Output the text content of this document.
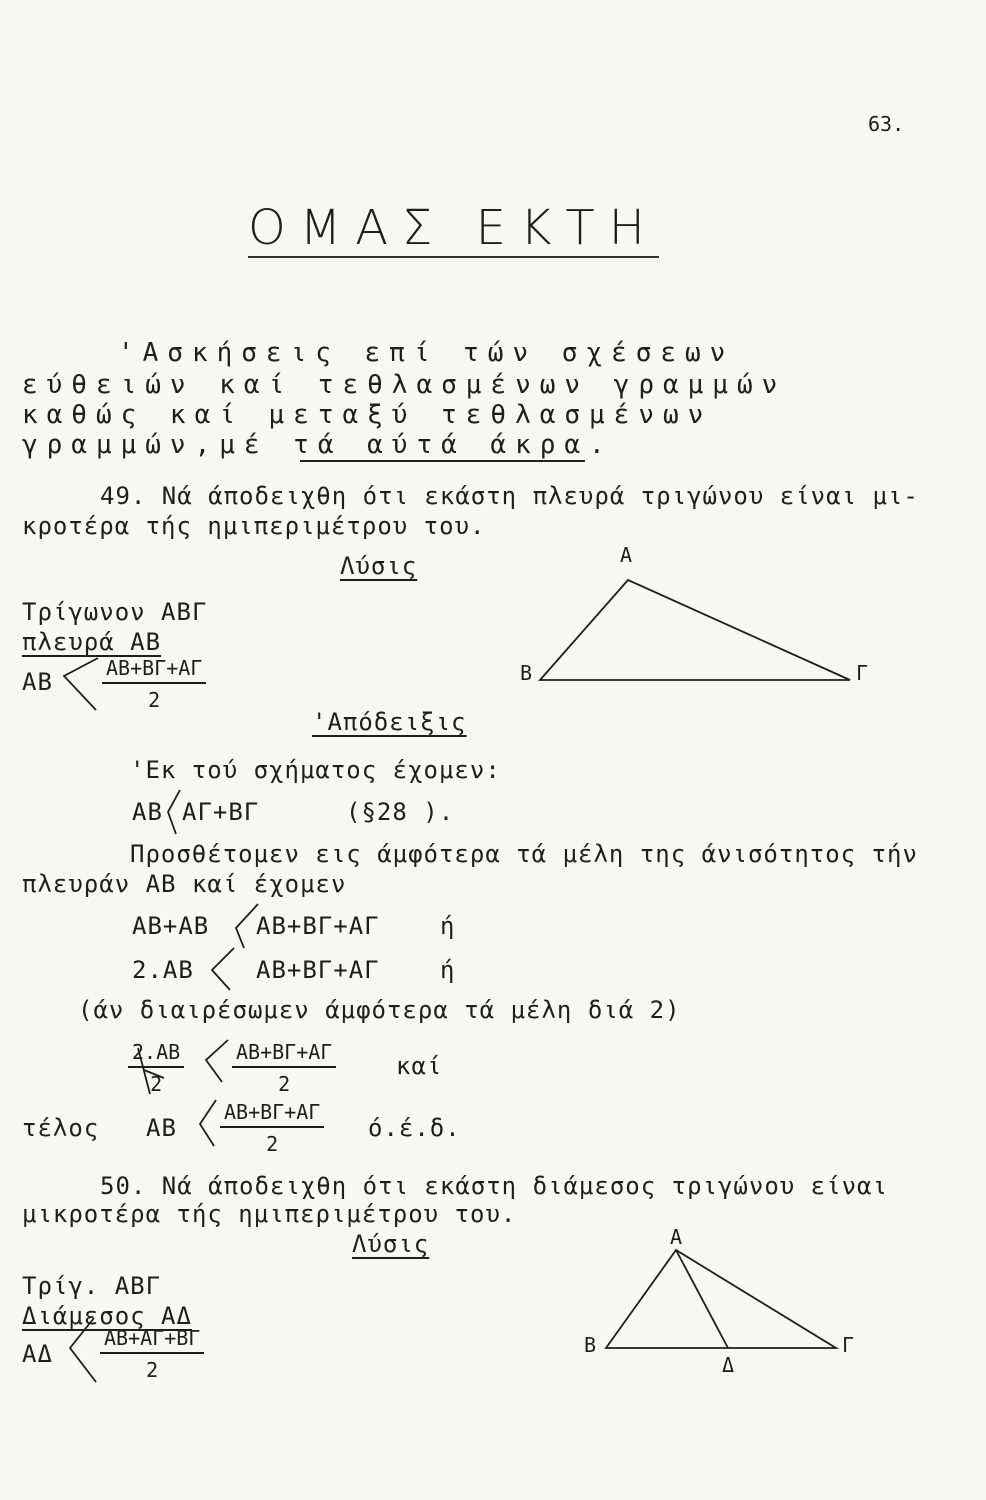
63.
ΟΜΑΣ ΕΚΤΗ
'Ασκήσεις επί τών σχέσεων
εύθειών καί τεθλασμένων γραμμών
καθώς καί μεταξύ τεθλασμένων
γραμμών,μέ τά αύτά άκρα.
49. Νά άποδειχθη ότι εκάστη πλευρά τριγώνου είναι μι-
κροτέρα τής ημιπεριμέτρου του.
Λύσις
Τρίγωνον ΑΒΓ
πλευρά ΑΒ
ΑΒ $\frac{AB+B\Gamma+A\Gamma}{2}$
'Απόδειξις
'Εκ τού σχήματος έχομεν:
ΑΒ ΑΓ+ΒΓ	(§28 ).
Προσθέτομεν εις άμφότερα τά μέλη της άνισότητος τήν
πλευράν ΑΒ καί έχομεν
ΑΒ+ΑΒ ΑΒ+ΒΓ+ΑΓ	ή
2.ΑΒ	ΑΒ+ΒΓ+ΑΓ	ή
(άν διαιρέσωμεν άμφότερα τά μέλη διά 2)
$\frac{2.AB}{2} \frac{AB+B\Gamma+A\Gamma}{2}$ καί
τέλος ΑΒ $\frac{AB+B\Gamma+A\Gamma}{2} ό.έ.\delta$.
50. Νά άποδειχθη ότι εκάστη διάμεσος τριγώνου είναι
μικροτέρα τής ημιπεριμέτρου του.
Λύσις
Τρίγ. ΑΒΓ
Διάμεσος ΑΔ
ΑΔ $\frac{AB+A\Gamma+B\Gamma}{2}$
Α
Β	Γ
Α
Β	Γ
Δ
